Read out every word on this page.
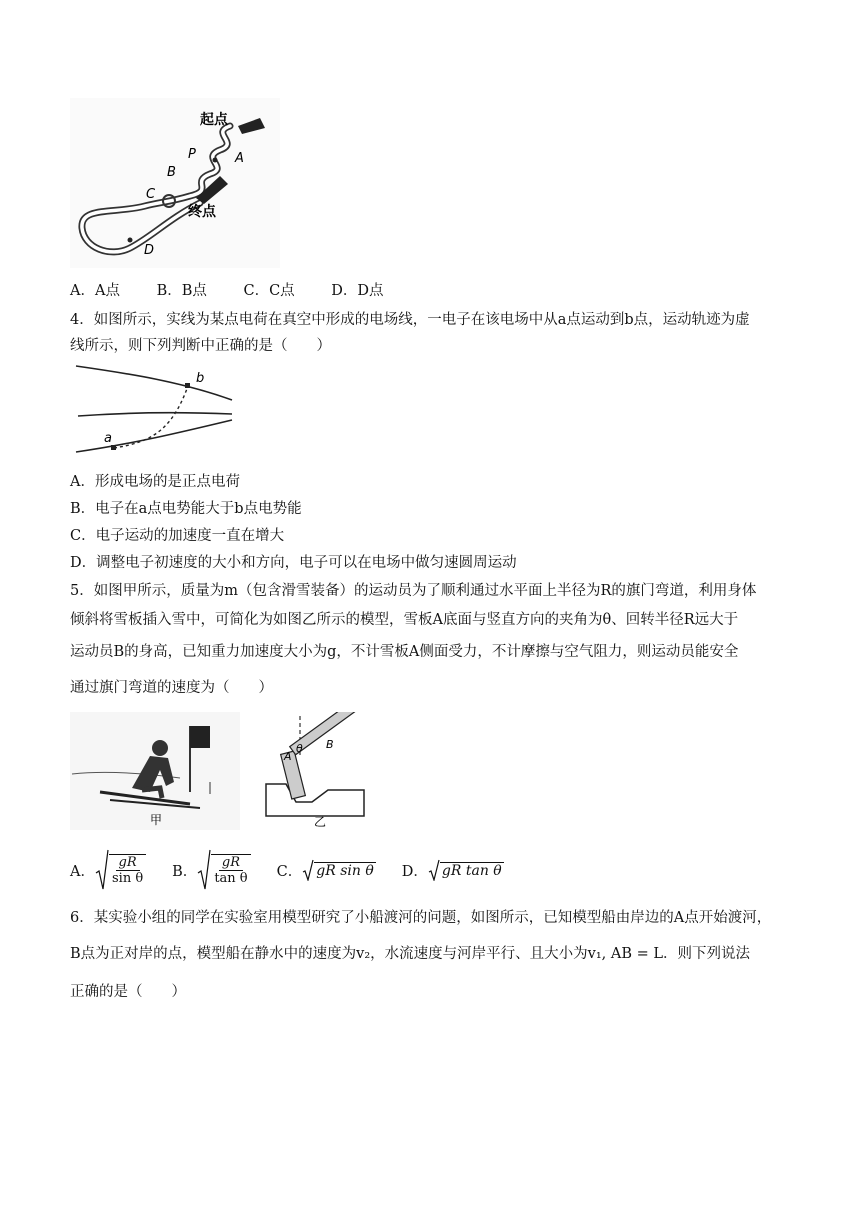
起点
终点
P	A
B
C
D
A．A点	B．B点	C．C点	D．D点
4．如图所示，实线为某点电荷在真空中形成的电场线，一电子在该电场中从a点运动到b点，运动轨迹为虚
线所示，则下列判断中正确的是（　　）
a
b
A．形成电场的是正点电荷
B．电子在a点电势能大于b点电势能
C．电子运动的加速度一直在增大
D．调整电子初速度的大小和方向，电子可以在电场中做匀速圆周运动
5．如图甲所示，质量为m（包含滑雪装备）的运动员为了顺利通过水平面上半径为R的旗门弯道，利用身体
倾斜将雪板插入雪中，可简化为如图乙所示的模型，雪板A底面与竖直方向的夹角为θ、回转半径R远大于
运动员B的身高，已知重力加速度大小为g，不计雪板A侧面受力，不计摩擦与空气阻力，则运动员能安全
通过旗门弯道的速度为（　　）
甲
A
θ B
乙
A． $\frac{gR}{\text{sin θ}}$ B． $\frac{gR}{\text{tan θ}}$ C． gR sin θ D． gR tan θ
6．某实验小组的同学在实验室用模型研究了小船渡河的问题，如图所示，已知模型船由岸边的A点开始渡河，
B点为正对岸的点，模型船在静水中的速度为v₂，水流速度与河岸平行、且大小为v₁, AB = L．则下列说法
正确的是（　　）
